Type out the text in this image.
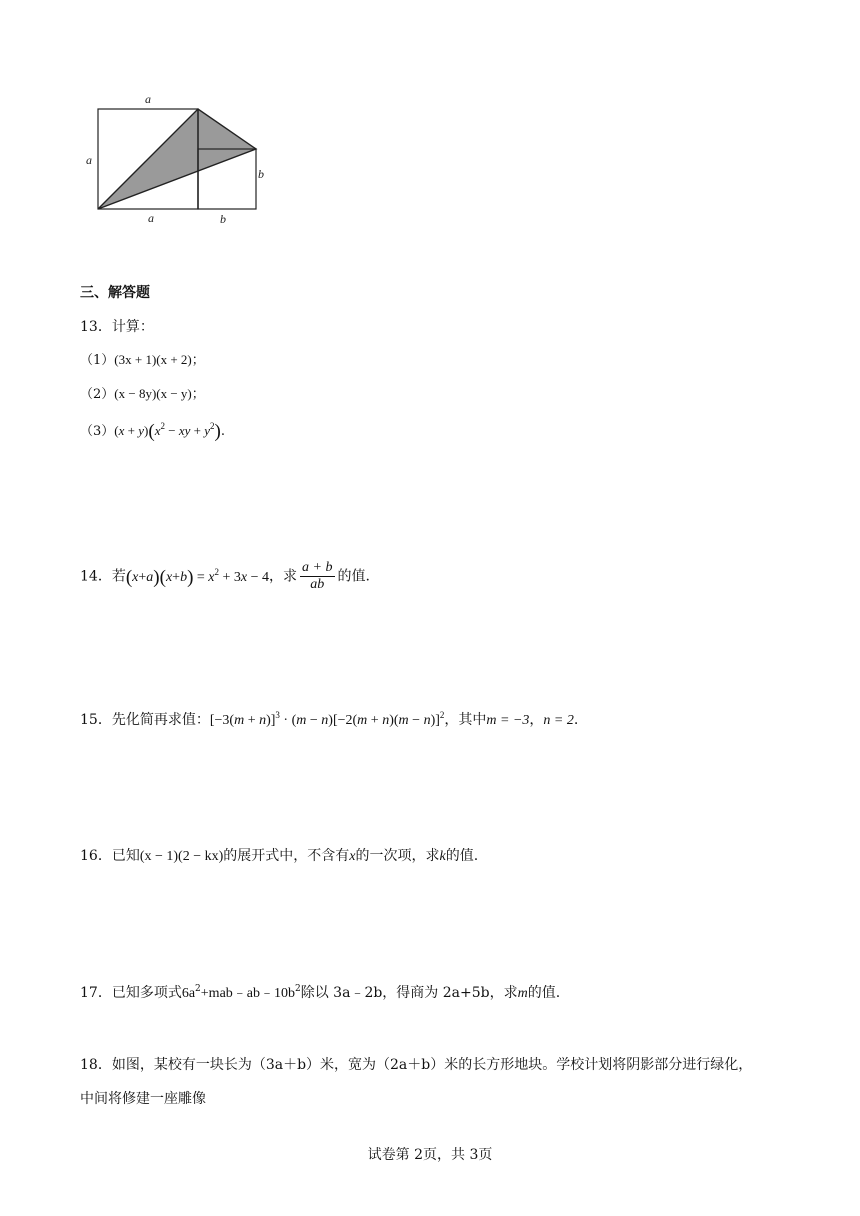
a
a
a	b
b
三、解答题
13．计算：
（1）(3x + 1)(x + 2)；
（2）(x − 8y)(x − y)；
$(3)(x + y)(x^2$ − xy + $y^2$).
14．若$(x+a)(x+b) = x^2 + 3x - 4$，求 $\frac{a + b}{ab}$ 的值.
15．先化简再求值：$[-3(m + n)]^3 \cdot (m - n)[-2(m + n)(m - n)]^2$，其中m = −3，n = 2.
16．已知(x − 1)(2 − kx)的展开式中，不含有x的一次项，求k的值.
17．已知多项式$6a^2+mab﹣ab﹣10b^2$除以 3a﹣2b，得商为 2a+5b，求m的值.
18．如图，某校有一块长为（3a＋b）米，宽为（2a＋b）米的长方形地块。学校计划将阴影部分进行绿化，
中间将修建一座雕像
试卷第 2页，共 3页
